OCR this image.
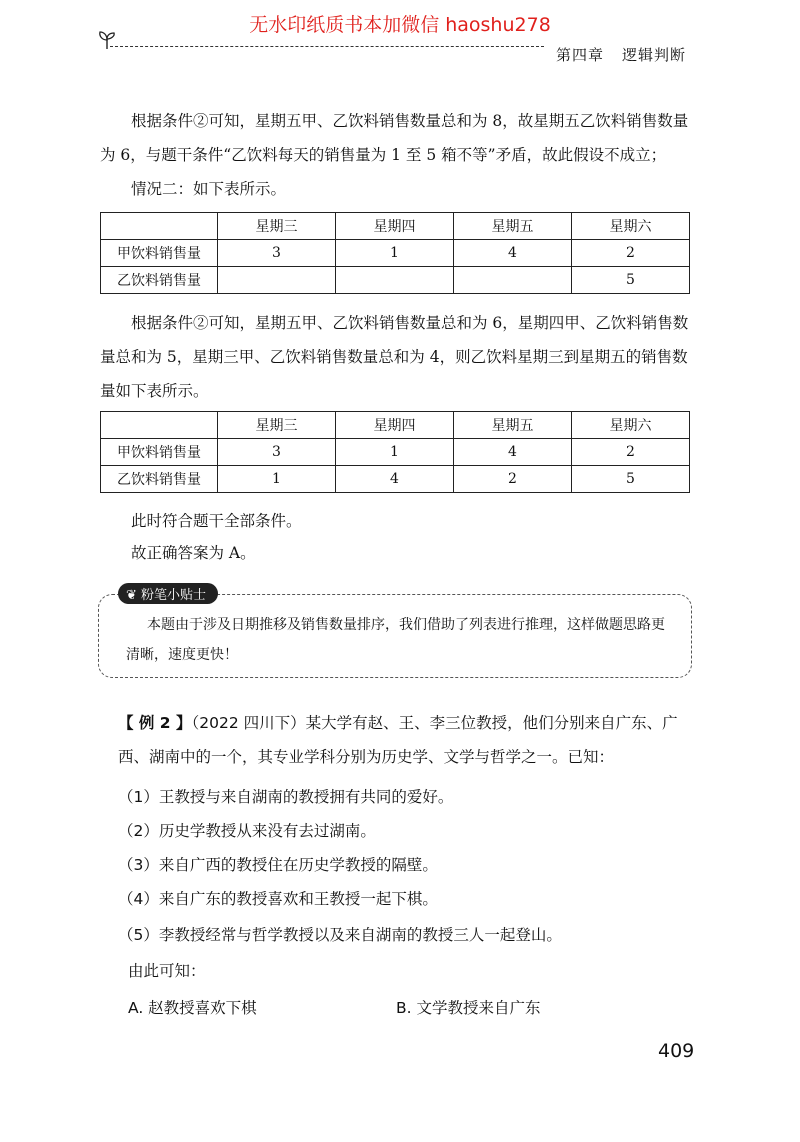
无水印纸质书本加微信 haoshu278
第四章 逻辑判断
根据条件②可知，星期五甲、乙饮料销售数量总和为 8，故星期五乙饮料销售数量为 6，与题干条件“乙饮料每天的销售量为 1 至 5 箱不等”矛盾，故此假设不成立；
情况二：如下表所示。
	星期三	星期四	星期五	星期六
甲饮料销售量	3	1	4	2
乙饮料销售量				5
根据条件②可知，星期五甲、乙饮料销售数量总和为 6，星期四甲、乙饮料销售数量总和为 5，星期三甲、乙饮料销售数量总和为 4，则乙饮料星期三到星期五的销售数量如下表所示。
	星期三	星期四	星期五	星期六
甲饮料销售量	3	1	4	2
乙饮料销售量	1	4	2	5
此时符合题干全部条件。
故正确答案为 A。
❦ 粉笔小贴士
本题由于涉及日期推移及销售数量排序，我们借助了列表进行推理，这样做题思路更清晰，速度更快！
【 例 2 】（2022 四川下）某大学有赵、王、李三位教授，他们分别来自广东、广西、湖南中的一个，其专业学科分别为历史学、文学与哲学之一。已知：
（1）王教授与来自湖南的教授拥有共同的爱好。
（2）历史学教授从来没有去过湖南。
（3）来自广西的教授住在历史学教授的隔壁。
（4）来自广东的教授喜欢和王教授一起下棋。
（5）李教授经常与哲学教授以及来自湖南的教授三人一起登山。
由此可知：
A. 赵教授喜欢下棋	B. 文学教授来自广东
409
